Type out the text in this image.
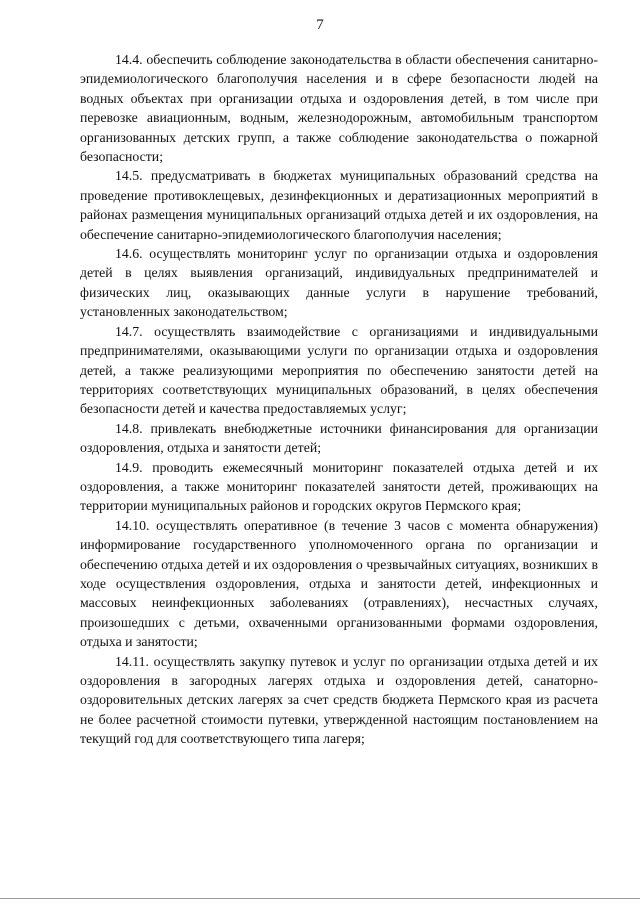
7

14.4. обеспечить соблюдение законодательства в области обеспечения санитарно-эпидемиологического благополучия населения и в сфере безопасности людей на водных объектах при организации отдыха и оздоровления детей, в том числе при перевозке авиационным, водным, железнодорожным, автомобильным транспортом организованных детских групп, а также соблюдение законодательства о пожарной безопасности;

14.5. предусматривать в бюджетах муниципальных образований средства на проведение противоклещевых, дезинфекционных и дератизационных мероприятий в районах размещения муниципальных организаций отдыха детей и их оздоровления, на обеспечение санитарно-эпидемиологического благополучия населения;

14.6. осуществлять мониторинг услуг по организации отдыха и оздоровления детей в целях выявления организаций, индивидуальных предпринимателей и физических лиц, оказывающих данные услуги в нарушение требований, установленных законодательством;

14.7. осуществлять взаимодействие с организациями и индивидуальными предпринимателями, оказывающими услуги по организации отдыха и оздоровления детей, а также реализующими мероприятия по обеспечению занятости детей на территориях соответствующих муниципальных образований, в целях обеспечения безопасности детей и качества предоставляемых услуг;

14.8. привлекать внебюджетные источники финансирования для организации оздоровления, отдыха и занятости детей;

14.9. проводить ежемесячный мониторинг показателей отдыха детей и их оздоровления, а также мониторинг показателей занятости детей, проживающих на территории муниципальных районов и городских округов Пермского края;

14.10. осуществлять оперативное (в течение 3 часов с момента обнаружения) информирование государственного уполномоченного органа по организации и обеспечению отдыха детей и их оздоровления о чрезвычайных ситуациях, возникших в ходе осуществления оздоровления, отдыха и занятости детей, инфекционных и массовых неинфекционных заболеваниях (отравлениях), несчастных случаях, произошедших с детьми, охваченными организованными формами оздоровления, отдыха и занятости;

14.11. осуществлять закупку путевок и услуг по организации отдыха детей и их оздоровления в загородных лагерях отдыха и оздоровления детей, санаторно-оздоровительных детских лагерях за счет средств бюджета Пермского края из расчета не более расчетной стоимости путевки, утвержденной настоящим постановлением на текущий год для соответствующего типа лагеря;
